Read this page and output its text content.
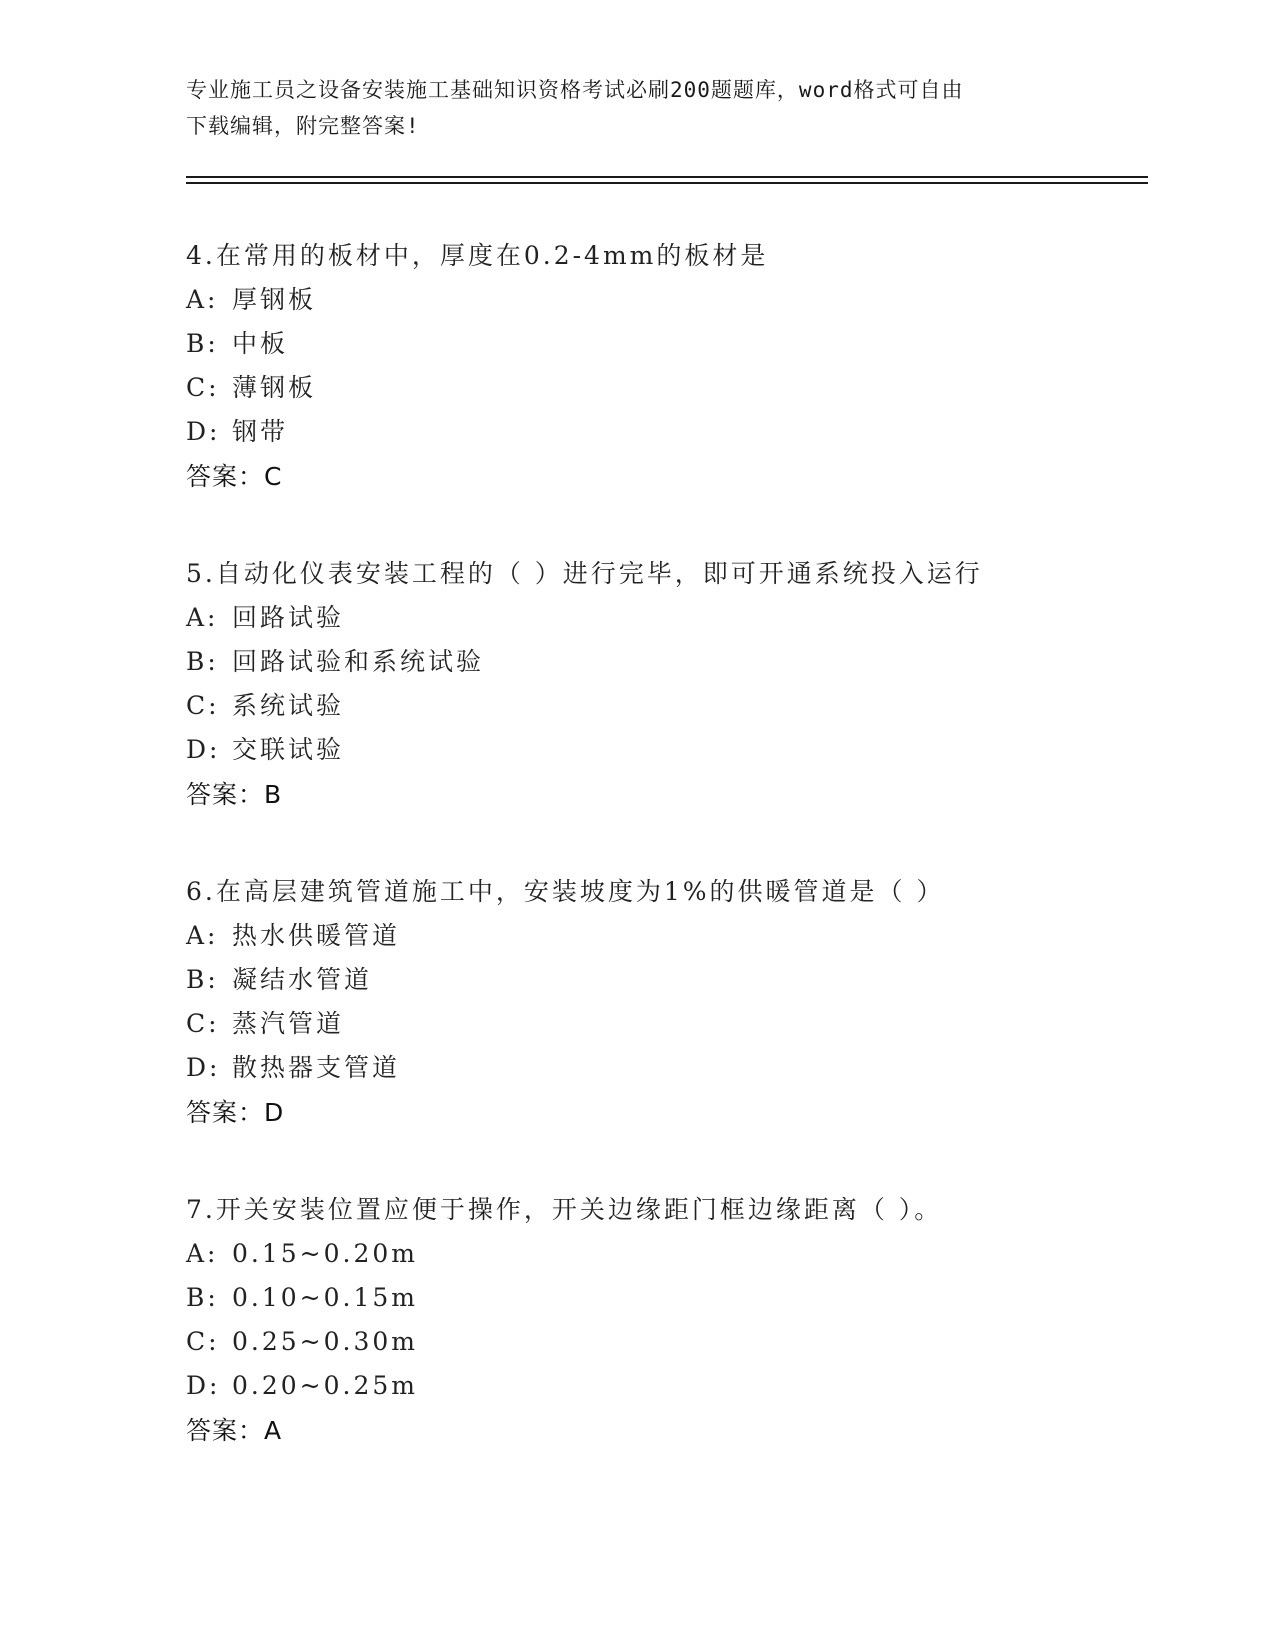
专业施工员之设备安装施工基础知识资格考试必刷200题题库，word格式可自由
下载编辑，附完整答案!
4.在常用的板材中，厚度在0.2-4mm的板材是
A: 厚钢板
B: 中板
C: 薄钢板
D: 钢带
答案：C
5.自动化仪表安装工程的（ ）进行完毕，即可开通系统投入运行
A: 回路试验
B: 回路试验和系统试验
C: 系统试验
D: 交联试验
答案：B
6.在高层建筑管道施工中，安装坡度为1%的供暖管道是（ ）
A: 热水供暖管道
B: 凝结水管道
C: 蒸汽管道
D: 散热器支管道
答案：D
7.开关安装位置应便于操作，开关边缘距门框边缘距离（ ）。
A: 0.15~0.20m
B: 0.10~0.15m
C: 0.25~0.30m
D: 0.20~0.25m
答案：A
